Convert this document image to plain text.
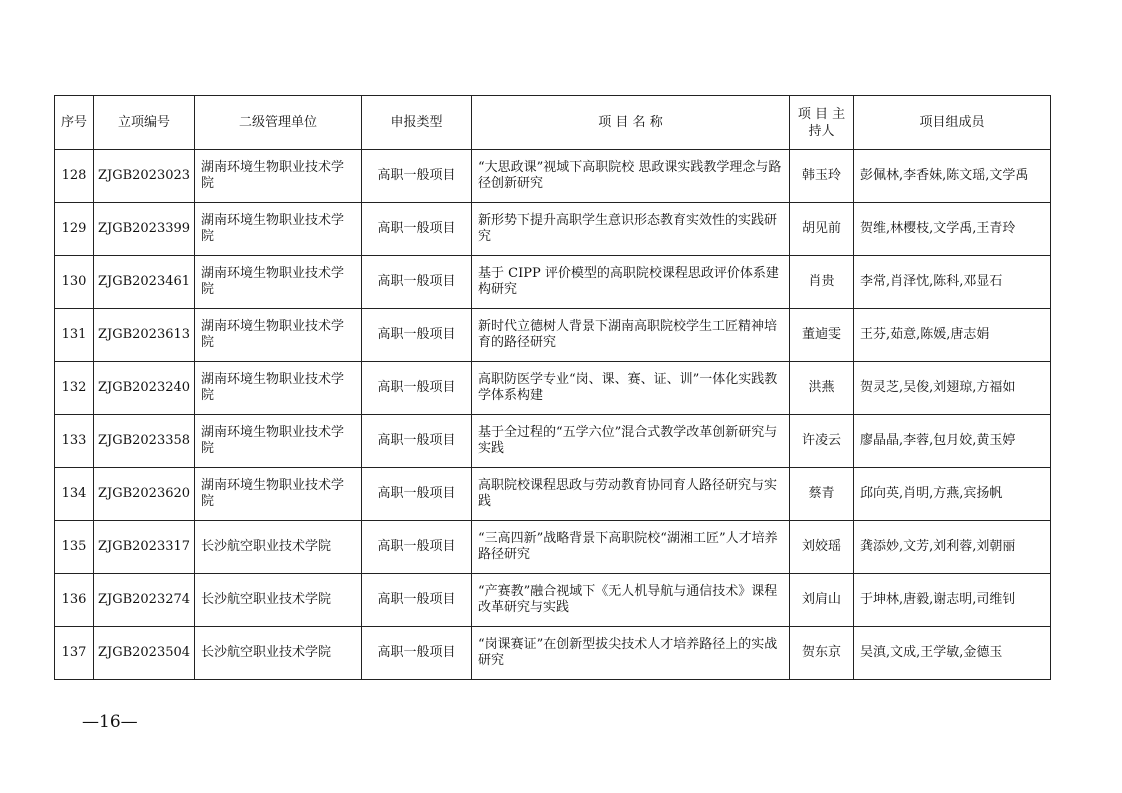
序号	立项编号	二级管理单位	申报类型	项 目 名 称	项 目 主持人	项目组成员
128	ZJGB2023023	湖南环境生物职业技术学院	高职一般项目	“大思政课”视域下高职院校 思政课实践教学理念与路径创新研究	韩玉玲	彭佩林,李香妹,陈文瑶,文学禹
129	ZJGB2023399	湖南环境生物职业技术学院	高职一般项目	新形势下提升高职学生意识形态教育实效性的实践研究	胡见前	贺维,林樱枝,文学禹,王青玲
130	ZJGB2023461	湖南环境生物职业技术学院	高职一般项目	基于 CIPP 评价模型的高职院校课程思政评价体系建构研究	肖贵	李常,肖泽忱,陈科,邓显石
131	ZJGB2023613	湖南环境生物职业技术学院	高职一般项目	新时代立德树人背景下湖南高职院校学生工匠精神培育的路径研究	董逌雯	王芬,茹意,陈媛,唐志娟
132	ZJGB2023240	湖南环境生物职业技术学院	高职一般项目	高职防医学专业“岗、课、赛、证、训”一体化实践教学体系构建	洪燕	贺灵芝,吴俊,刘翅琼,方福如
133	ZJGB2023358	湖南环境生物职业技术学院	高职一般项目	基于全过程的“五学六位”混合式教学改革创新研究与实践	许凌云	廖晶晶,李蓉,包月姣,黄玉婷
134	ZJGB2023620	湖南环境生物职业技术学院	高职一般项目	高职院校课程思政与劳动教育协同育人路径研究与实践	蔡青	邱向英,肖明,方燕,宾扬帆
135	ZJGB2023317	长沙航空职业技术学院	高职一般项目	“三高四新”战略背景下高职院校“湖湘工匠”人才培养路径研究	刘姣瑶	龚添妙,文芳,刘利蓉,刘朝丽
136	ZJGB2023274	长沙航空职业技术学院	高职一般项目	“产赛教”融合视域下《无人机导航与通信技术》课程改革研究与实践	刘肩山	于坤林,唐毅,谢志明,司维钊
137	ZJGB2023504	长沙航空职业技术学院	高职一般项目	“岗课赛证”在创新型拔尖技术人才培养路径上的实战研究	贺东京	吴滇,文成,王学敏,金德玉
—16—
